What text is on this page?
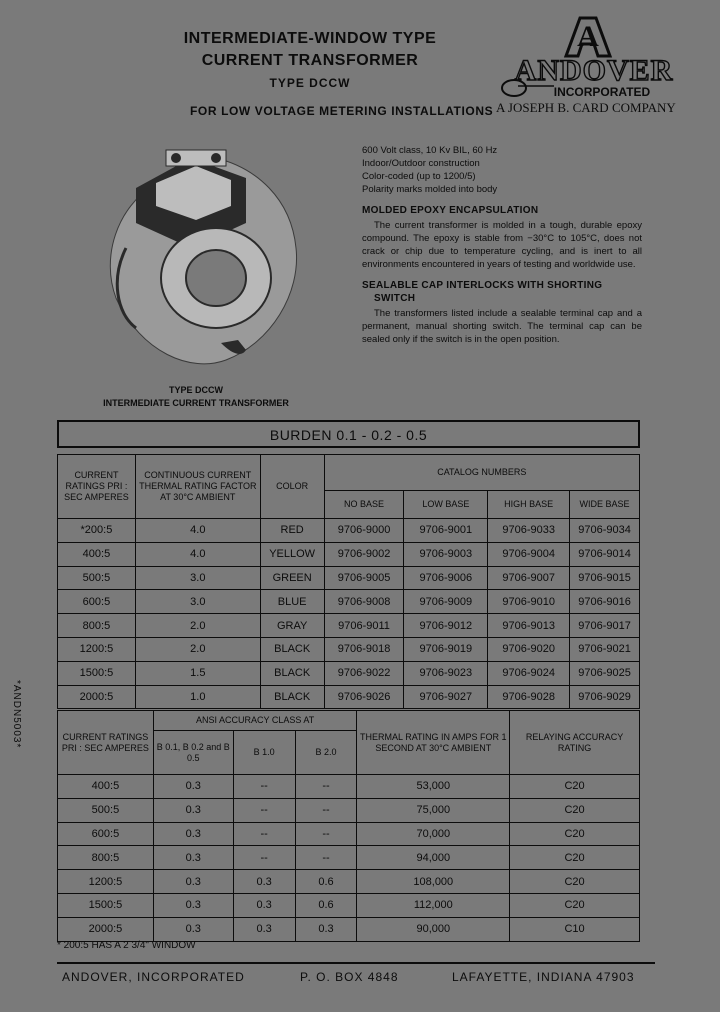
INTERMEDIATE-WINDOW TYPE
CURRENT TRANSFORMER
TYPE DCCW
FOR LOW VOLTAGE METERING INSTALLATIONS
A
ANDOVER
INCORPORATED
A JOSEPH B. CARD COMPANY
TYPE DCCW
INTERMEDIATE CURRENT TRANSFORMER
600 Volt class, 10 Kv BIL, 60 Hz
Indoor/Outdoor construction
Color-coded (up to 1200/5)
Polarity marks molded into body
MOLDED EPOXY ENCAPSULATION
The current transformer is molded in a tough, durable epoxy compound. The epoxy is stable from −30°C to 105°C, does not crack or chip due to temperature cycling, and is inert to all environments encountered in years of testing and worldwide use.
SEALABLE CAP INTERLOCKS WITH SHORTING
SWITCH
The transformers listed include a sealable terminal cap and a permanent, manual shorting switch. The terminal cap can be sealed only if the switch is in the open position.
BURDEN 0.1 - 0.2 - 0.5
CURRENT RATINGS PRI : SEC AMPERES	CONTINUOUS CURRENT THERMAL RATING FACTOR AT 30°C AMBIENT	COLOR	CATALOG NUMBERS			
			NO BASE	LOW BASE	HIGH BASE	WIDE BASE
*200:5	4.0	RED	9706-9000	9706-9001	9706-9033	9706-9034
400:5	4.0	YELLOW	9706-9002	9706-9003	9706-9004	9706-9014
500:5	3.0	GREEN	9706-9005	9706-9006	9706-9007	9706-9015
600:5	3.0	BLUE	9706-9008	9706-9009	9706-9010	9706-9016
800:5	2.0	GRAY	9706-9011	9706-9012	9706-9013	9706-9017
1200:5	2.0	BLACK	9706-9018	9706-9019	9706-9020	9706-9021
1500:5	1.5	BLACK	9706-9022	9706-9023	9706-9024	9706-9025
2000:5	1.0	BLACK	9706-9026	9706-9027	9706-9028	9706-9029
CURRENT RATINGS PRI : SEC AMPERES	ANSI ACCURACY CLASS AT			THERMAL RATING IN AMPS FOR 1 SECOND AT 30°C AMBIENT	RELAYING ACCURACY RATING
	B 0.1, B 0.2 and B 0.5	B 1.0	B 2.0		
400:5	0.3	--	--	53,000	C20
500:5	0.3	--	--	75,000	C20
600:5	0.3	--	--	70,000	C20
800:5	0.3	--	--	94,000	C20
1200:5	0.3	0.3	0.6	108,000	C20
1500:5	0.3	0.3	0.6	112,000	C20
2000:5	0.3	0.3	0.3	90,000	C10
* 200:5 HAS A 2 3/4" WINDOW
ANDOVER, INCORPORATED	P. O. BOX 4848	LAFAYETTE, INDIANA 47903
*ANDN5003*
